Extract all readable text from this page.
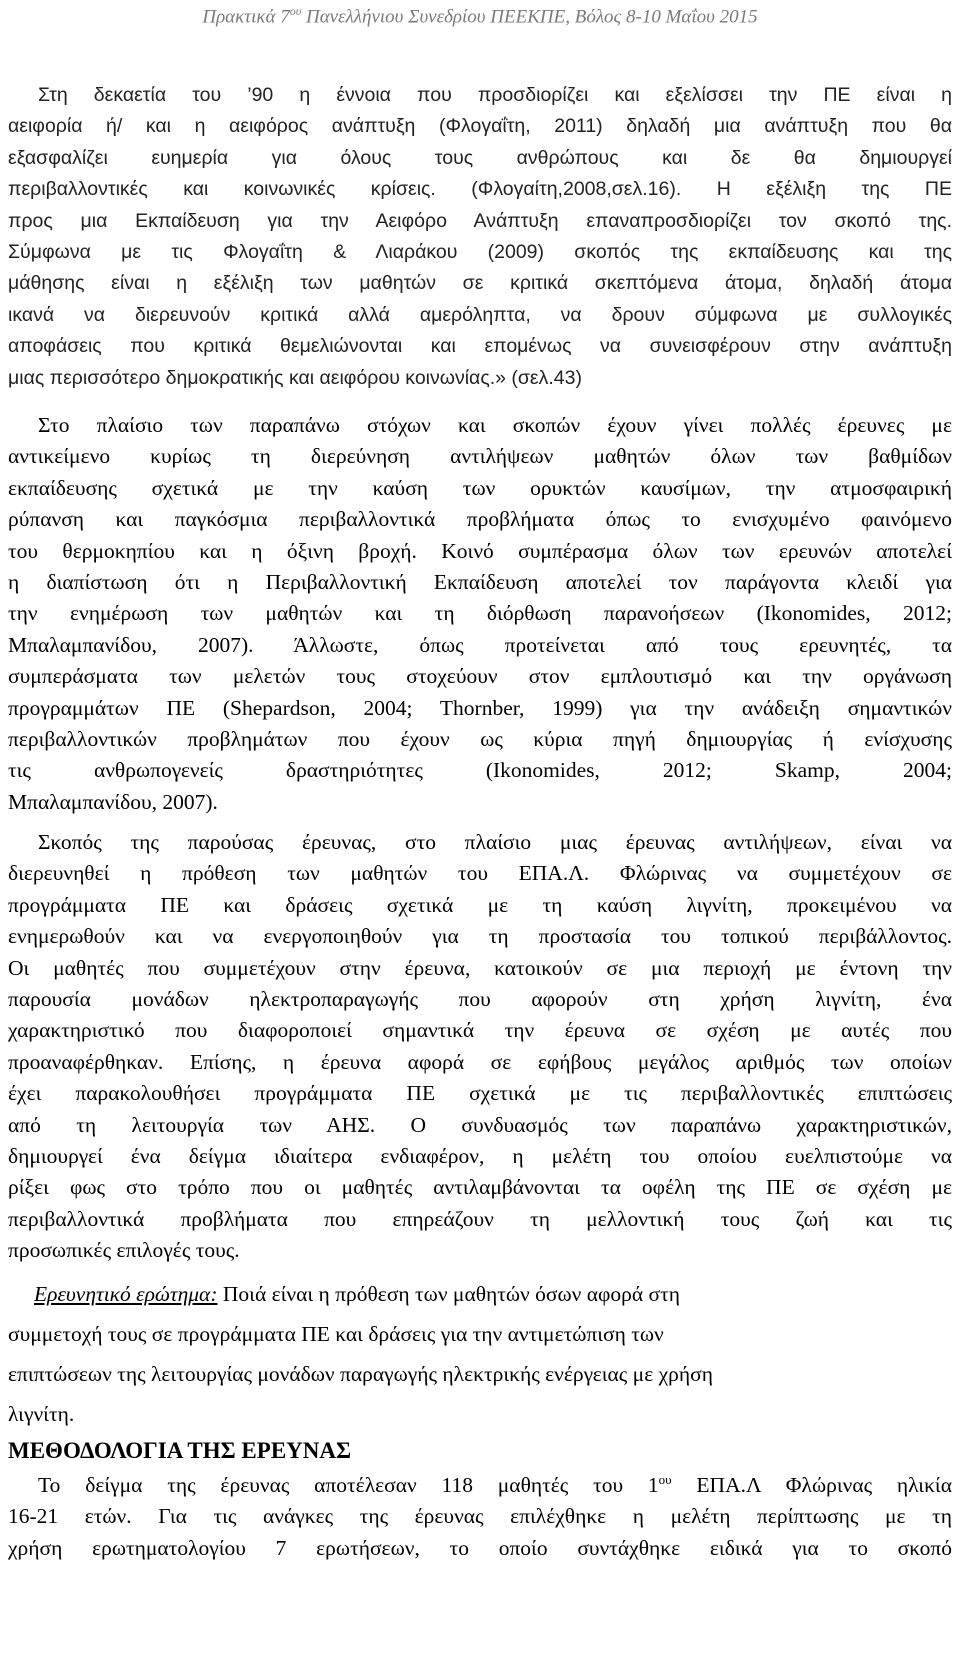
Πρακτικά $7^{o\upsilon}$ Πανελλήνιου Συνεδρίου ΠΕΕΚΠΕ, Βόλος 8-10 Μαΐου 2015
Στη δεκαετία του ’90 η έννοια που προσδιορίζει και εξελίσσει την ΠΕ είναι η
αειφορία ή/ και η αειφόρος ανάπτυξη (Φλογαΐτη, 2011) δηλαδή μια ανάπτυξη που θα
εξασφαλίζει ευημερία για όλους τους ανθρώπους και δε θα δημιουργεί
περιβαλλοντικές και κοινωνικές κρίσεις. (Φλογαίτη,2008,σελ.16). Η εξέλιξη της ΠΕ
προς μια Εκπαίδευση για την Αειφόρο Ανάπτυξη επαναπροσδιορίζει τον σκοπό της.
Σύμφωνα με τις Φλογαΐτη & Λιαράκου (2009) σκοπός της εκπαίδευσης και της
μάθησης είναι η εξέλιξη των μαθητών σε κριτικά σκεπτόμενα άτομα, δηλαδή άτομα
ικανά να διερευνούν κριτικά αλλά αμερόληπτα, να δρουν σύμφωνα με συλλογικές
αποφάσεις που κριτικά θεμελιώνονται και επομένως να συνεισφέρουν στην ανάπτυξη
μιας περισσότερο δημοκρατικής και αειφόρου κοινωνίας.» (σελ.43)
Στο πλαίσιο των παραπάνω στόχων και σκοπών έχουν γίνει πολλές έρευνες με
αντικείμενο κυρίως τη διερεύνηση αντιλήψεων μαθητών όλων των βαθμίδων
εκπαίδευσης σχετικά με την καύση των ορυκτών καυσίμων, την ατμοσφαιρική
ρύπανση και παγκόσμια περιβαλλοντικά προβλήματα όπως το ενισχυμένο φαινόμενο
του θερμοκηπίου και η όξινη βροχή. Κοινό συμπέρασμα όλων των ερευνών αποτελεί
η διαπίστωση ότι η Περιβαλλοντική Εκπαίδευση αποτελεί τον παράγοντα κλειδί για
την ενημέρωση των μαθητών και τη διόρθωση παρανοήσεων (Ikonomides, 2012;
Μπαλαμπανίδου, 2007). Άλλωστε, όπως προτείνεται από τους ερευνητές, τα
συμπεράσματα των μελετών τους στοχεύουν στον εμπλουτισμό και την οργάνωση
προγραμμάτων ΠΕ (Shepardson, 2004; Thornber, 1999) για την ανάδειξη σημαντικών
περιβαλλοντικών προβλημάτων που έχουν ως κύρια πηγή δημιουργίας ή ενίσχυσης
τις ανθρωπογενείς δραστηριότητες (Ikonomides, 2012; Skamp, 2004;
Μπαλαμπανίδου, 2007).
Σκοπός της παρούσας έρευνας, στο πλαίσιο μιας έρευνας αντιλήψεων, είναι να
διερευνηθεί η πρόθεση των μαθητών του ΕΠΑ.Λ. Φλώρινας να συμμετέχουν σε
προγράμματα ΠΕ και δράσεις σχετικά με τη καύση λιγνίτη, προκειμένου να
ενημερωθούν και να ενεργοποιηθούν για τη προστασία του τοπικού περιβάλλοντος.
Οι μαθητές που συμμετέχουν στην έρευνα, κατοικούν σε μια περιοχή με έντονη την
παρουσία μονάδων ηλεκτροπαραγωγής που αφορούν στη χρήση λιγνίτη, ένα
χαρακτηριστικό που διαφοροποιεί σημαντικά την έρευνα σε σχέση με αυτές που
προαναφέρθηκαν. Επίσης, η έρευνα αφορά σε εφήβους μεγάλος αριθμός των οποίων
έχει παρακολουθήσει προγράμματα ΠΕ σχετικά με τις περιβαλλοντικές επιπτώσεις
από τη λειτουργία των ΑΗΣ. Ο συνδυασμός των παραπάνω χαρακτηριστικών,
δημιουργεί ένα δείγμα ιδιαίτερα ενδιαφέρον, η μελέτη του οποίου ευελπιστούμε να
ρίξει φως στο τρόπο που οι μαθητές αντιλαμβάνονται τα οφέλη της ΠΕ σε σχέση με
περιβαλλοντικά προβλήματα που επηρεάζουν τη μελλοντική τους ζωή και τις
προσωπικές επιλογές τους.
Ερευνητικό ερώτημα: Ποιά είναι η πρόθεση των μαθητών όσων αφορά στη
συμμετοχή τους σε προγράμματα ΠΕ και δράσεις για την αντιμετώπιση των
επιπτώσεων της λειτουργίας μονάδων παραγωγής ηλεκτρικής ενέργειας με χρήση
λιγνίτη.
ΜΕΘΟΔΟΛΟΓΙΑ ΤΗΣ ΕΡΕΥΝΑΣ
Το δείγμα της έρευνας αποτέλεσαν 118 μαθητές του $1^{o\upsilon}$ ΕΠΑ.Λ Φλώρινας ηλικία
16-21 ετών. Για τις ανάγκες της έρευνας επιλέχθηκε η μελέτη περίπτωσης με τη
χρήση ερωτηματολογίου 7 ερωτήσεων, το οποίο συντάχθηκε ειδικά για το σκοπό
